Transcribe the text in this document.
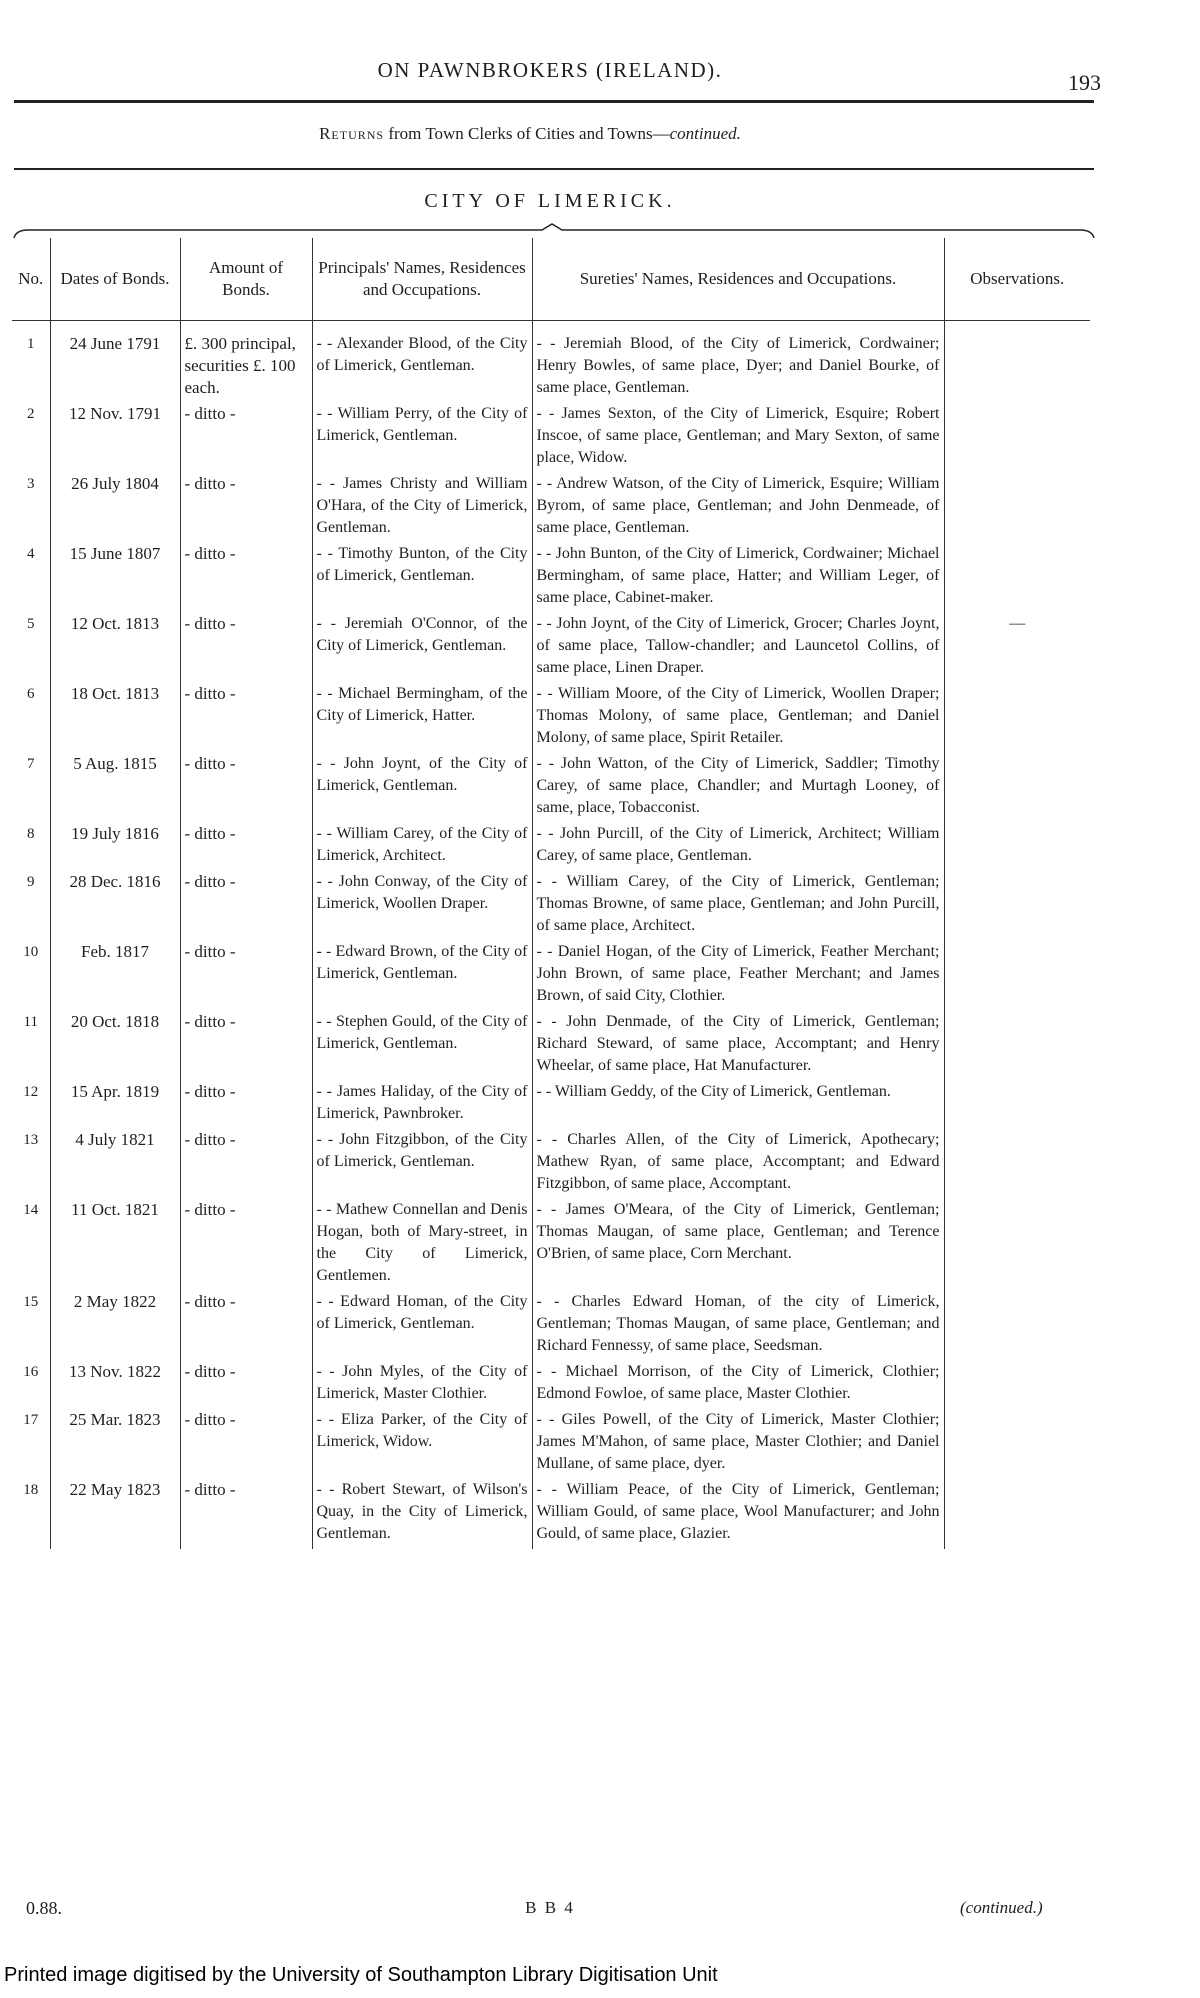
ON PAWNBROKERS (IRELAND).	193
Returns from Town Clerks of Cities and Towns—continued.
CITY OF LIMERICK.
No.	Dates of Bonds.	Amount of Bonds.	Principals' Names, Residences and Occupations.	Sureties' Names, Residences and Occupations.	Observations.

1	24 June 1791	£. 300 principal, securities £. 100 each.	- - Alexander Blood, of the City of Limerick, Gentleman.	- - Jeremiah Blood, of the City of Limerick, Cordwainer; Henry Bowles, of same place, Dyer; and Daniel Bourke, of same place, Gentleman.	
2	12 Nov. 1791	- ditto -	- - William Perry, of the City of Limerick, Gentleman.	- - James Sexton, of the City of Limerick, Esquire; Robert Inscoe, of same place, Gentleman; and Mary Sexton, of same place, Widow.	
3	26 July 1804	- ditto -	- - James Christy and William O'Hara, of the City of Limerick, Gentleman.	- - Andrew Watson, of the City of Limerick, Esquire; William Byrom, of same place, Gentleman; and John Denmeade, of same place, Gentleman.	
4	15 June 1807	- ditto -	- - Timothy Bunton, of the City of Limerick, Gentleman.	- - John Bunton, of the City of Limerick, Cordwainer; Michael Bermingham, of same place, Hatter; and William Leger, of same place, Cabinet-maker.	
5	12 Oct. 1813	- ditto -	- - Jeremiah O'Connor, of the City of Limerick, Gentleman.	- - John Joynt, of the City of Limerick, Grocer; Charles Joynt, of same place, Tallow-chandler; and Launcetol Collins, of same place, Linen Draper.	—
6	18 Oct. 1813	- ditto -	- - Michael Bermingham, of the City of Limerick, Hatter.	- - William Moore, of the City of Limerick, Woollen Draper; Thomas Molony, of same place, Gentleman; and Daniel Molony, of same place, Spirit Retailer.	
7	5 Aug. 1815	- ditto -	- - John Joynt, of the City of Limerick, Gentleman.	- - John Watton, of the City of Limerick, Saddler; Timothy Carey, of same place, Chandler; and Murtagh Looney, of same, place, Tobacconist.	
8	19 July 1816	- ditto -	- - William Carey, of the City of Limerick, Architect.	- - John Purcill, of the City of Limerick, Architect; William Carey, of same place, Gentleman.	
9	28 Dec. 1816	- ditto -	- - John Conway, of the City of Limerick, Woollen Draper.	- - William Carey, of the City of Limerick, Gentleman; Thomas Browne, of same place, Gentleman; and John Purcill, of same place, Architect.	
10	Feb. 1817	- ditto -	- - Edward Brown, of the City of Limerick, Gentleman.	- - Daniel Hogan, of the City of Limerick, Feather Merchant; John Brown, of same place, Feather Merchant; and James Brown, of said City, Clothier.	
11	20 Oct. 1818	- ditto -	- - Stephen Gould, of the City of Limerick, Gentleman.	- - John Denmade, of the City of Limerick, Gentleman; Richard Steward, of same place, Accomptant; and Henry Wheelar, of same place, Hat Manufacturer.	
12	15 Apr. 1819	- ditto -	- - James Haliday, of the City of Limerick, Pawnbroker.	- - William Geddy, of the City of Limerick, Gentleman.	
13	4 July 1821	- ditto -	- - John Fitzgibbon, of the City of Limerick, Gentleman.	- - Charles Allen, of the City of Limerick, Apothecary; Mathew Ryan, of same place, Accomptant; and Edward Fitzgibbon, of same place, Accomptant.	
14	11 Oct. 1821	- ditto -	- - Mathew Connellan and Denis Hogan, both of Mary-street, in the City of Limerick, Gentlemen.	- - James O'Meara, of the City of Limerick, Gentleman; Thomas Maugan, of same place, Gentleman; and Terence O'Brien, of same place, Corn Merchant.	
15	2 May 1822	- ditto -	- - Edward Homan, of the City of Limerick, Gentleman.	- - Charles Edward Homan, of the city of Limerick, Gentleman; Thomas Maugan, of same place, Gentleman; and Richard Fennessy, of same place, Seedsman.	
16	13 Nov. 1822	- ditto -	- - John Myles, of the City of Limerick, Master Clothier.	- - Michael Morrison, of the City of Limerick, Clothier; Edmond Fowloe, of same place, Master Clothier.	
17	25 Mar. 1823	- ditto -	- - Eliza Parker, of the City of Limerick, Widow.	- - Giles Powell, of the City of Limerick, Master Clothier; James M'Mahon, of same place, Master Clothier; and Daniel Mullane, of same place, dyer.	
18	22 May 1823	- ditto -	- - Robert Stewart, of Wilson's Quay, in the City of Limerick, Gentleman.	- - William Peace, of the City of Limerick, Gentleman; William Gould, of same place, Wool Manufacturer; and John Gould, of same place, Glazier.	
0.88.	B B 4	(continued.)
Printed image digitised by the University of Southampton Library Digitisation Unit
